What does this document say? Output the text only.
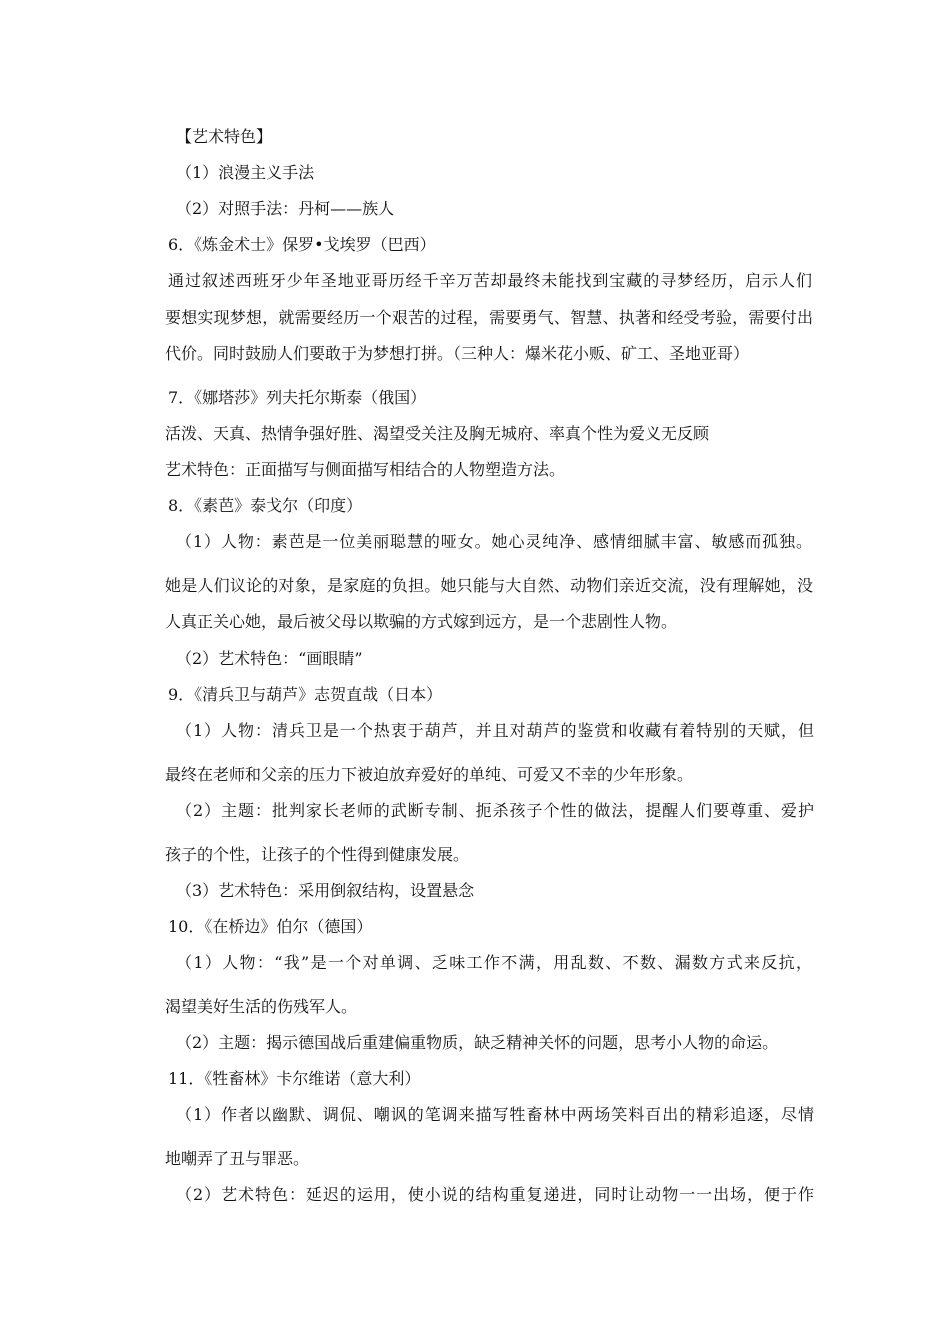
【艺术特色】
（1）浪漫主义手法
（2）对照手法：丹柯——族人
6．《炼金术士》保罗•戈埃罗（巴西）
通过叙述西班牙少年圣地亚哥历经千辛万苦却最终未能找到宝藏的寻梦经历，启示人们
要想实现梦想，就需要经历一个艰苦的过程，需要勇气、智慧、执著和经受考验，需要付出
代价。同时鼓励人们要敢于为梦想打拼。（三种人：爆米花小贩、矿工、圣地亚哥）
7．《娜塔莎》列夫托尔斯泰（俄国）
活泼、天真、热情争强好胜、渴望受关注及胸无城府、率真个性为爱义无反顾
艺术特色：正面描写与侧面描写相结合的人物塑造方法。
8．《素芭》泰戈尔（印度）
（1）人物：素芭是一位美丽聪慧的哑女。她心灵纯净、感情细腻丰富、敏感而孤独。
她是人们议论的对象，是家庭的负担。她只能与大自然、动物们亲近交流，没有理解她，没
人真正关心她，最后被父母以欺骗的方式嫁到远方，是一个悲剧性人物。
（2）艺术特色：“画眼睛”
9．《清兵卫与葫芦》志贺直哉（日本）
（1）人物：清兵卫是一个热衷于葫芦，并且对葫芦的鉴赏和收藏有着特别的天赋，但
最终在老师和父亲的压力下被迫放弃爱好的单纯、可爱又不幸的少年形象。
（2）主题：批判家长老师的武断专制、扼杀孩子个性的做法，提醒人们要尊重、爱护
孩子的个性，让孩子的个性得到健康发展。
（3）艺术特色：采用倒叙结构，设置悬念
10．《在桥边》伯尔（德国）
（1）人物：“我”是一个对单调、乏味工作不满，用乱数、不数、漏数方式来反抗，
渴望美好生活的伤残军人。
（2）主题：揭示德国战后重建偏重物质，缺乏精神关怀的问题，思考小人物的命运。
11．《牲畜林》卡尔维诺（意大利）
（1）作者以幽默、调侃、嘲讽的笔调来描写牲畜林中两场笑料百出的精彩追逐，尽情
地嘲弄了丑与罪恶。
（2）艺术特色：延迟的运用，使小说的结构重复递进，同时让动物一一出场，便于作
